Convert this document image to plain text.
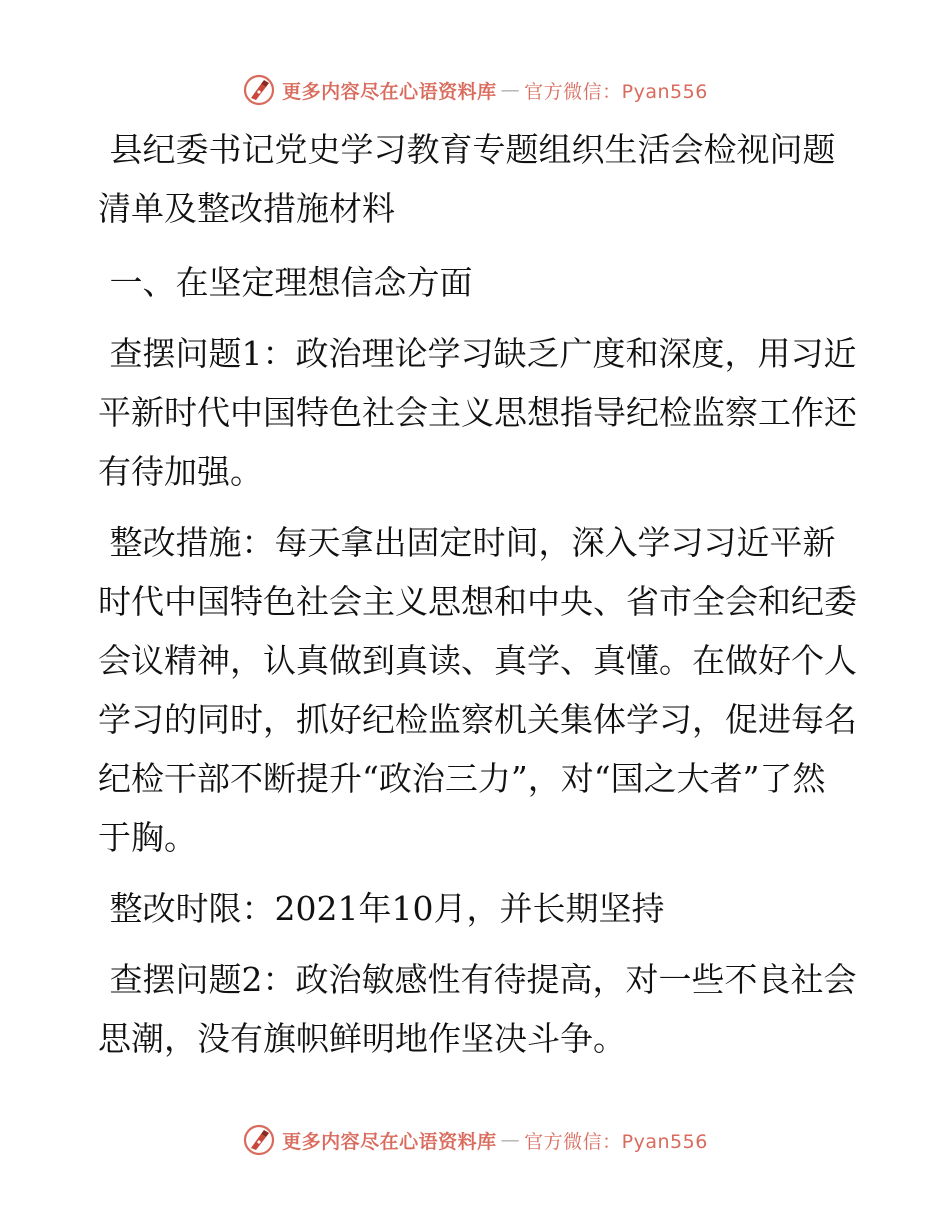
更多内容尽在心语资料库 — 官方微信：Pyan556

县纪委书记党史学习教育专题组织生活会检视问题清单及整改措施材料

一、在坚定理想信念方面

查摆问题1：政治理论学习缺乏广度和深度，用习近平新时代中国特色社会主义思想指导纪检监察工作还有待加强。

整改措施：每天拿出固定时间，深入学习习近平新时代中国特色社会主义思想和中央、省市全会和纪委会议精神，认真做到真读、真学、真懂。在做好个人学习的同时，抓好纪检监察机关集体学习，促进每名纪检干部不断提升“政治三力”，对“国之大者”了然于胸。

整改时限：2021年10月，并长期坚持

查摆问题2：政治敏感性有待提高，对一些不良社会思潮，没有旗帜鲜明地作坚决斗争。

更多内容尽在心语资料库 — 官方微信：Pyan556
